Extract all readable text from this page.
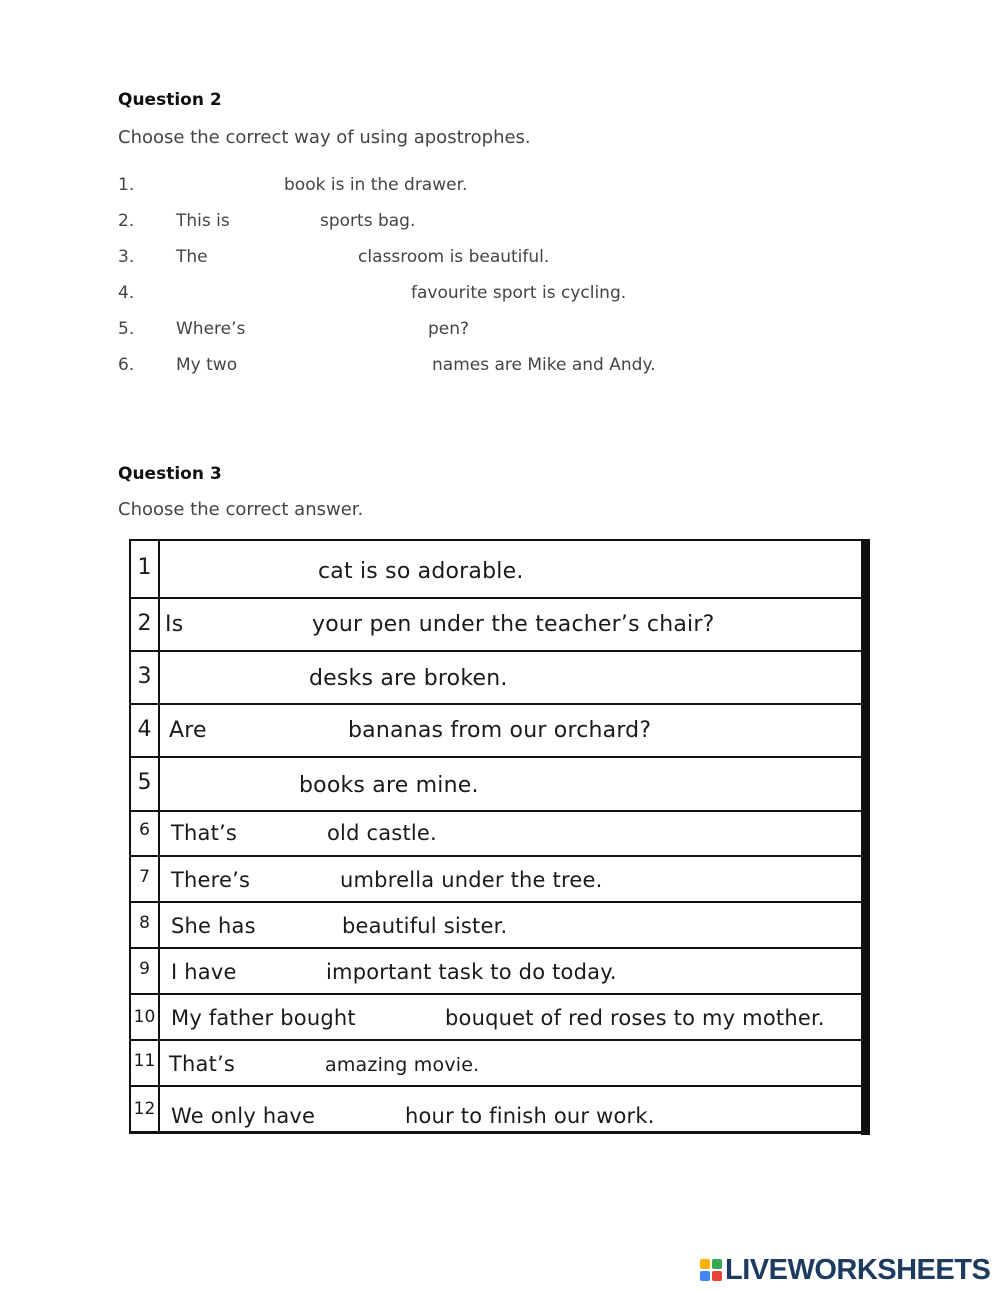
Question 2
Choose the correct way of using apostrophes.
1.	book is in the drawer.
2. This is	sports bag.
3. The	classroom is beautiful.
4.	favourite sport is cycling.
5. Where’s	pen?
6. My two	names are Mike and Andy.
Question 3
Choose the correct answer.
1	cat is so adorable.
2 Is	your pen under the teacher’s chair?
3	desks are broken.
4 Are	bananas from our orchard?
5	books are mine.
6	That’s	old castle.
7	There’s	umbrella under the tree.
8	She has	beautiful sister.
9	I have	important task to do today.
10 My father bought	bouquet of red roses to my mother.
11 That’s	amazing movie.
12 We only have	hour to finish our work.
LIVEWORKSHEETS
